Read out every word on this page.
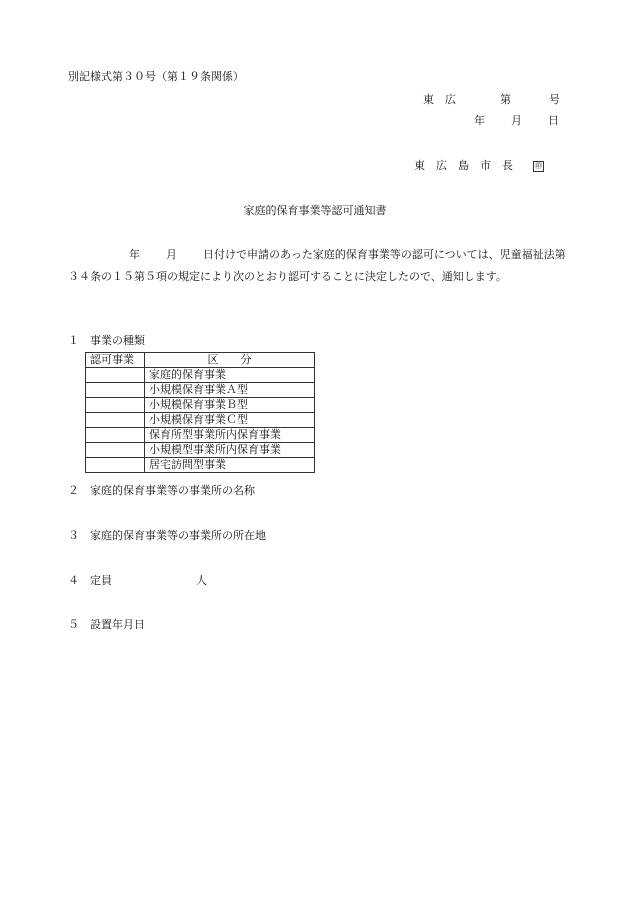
別記様式第３０号（第１９条関係）
東　広	第	号
年 月 日
東　広　島　市　長	㊞
家庭的保育事業等認可通知書
年 月 日付けで申請のあった家庭的保育事業等の認可については、児童福祉法第３４条の１５第５項の規定により次のとおり認可することに決定したので、通知します。
１ 事業の種類
認可事業	区　　分
	家庭的保育事業
	小規模保育事業Ａ型
	小規模保育事業Ｂ型
	小規模保育事業Ｃ型
	保育所型事業所内保育事業
	小規模型事業所内保育事業
	居宅訪問型事業
２ 家庭的保育事業等の事業所の名称
３ 家庭的保育事業等の事業所の所在地
４ 定員	人
５ 設置年月日
